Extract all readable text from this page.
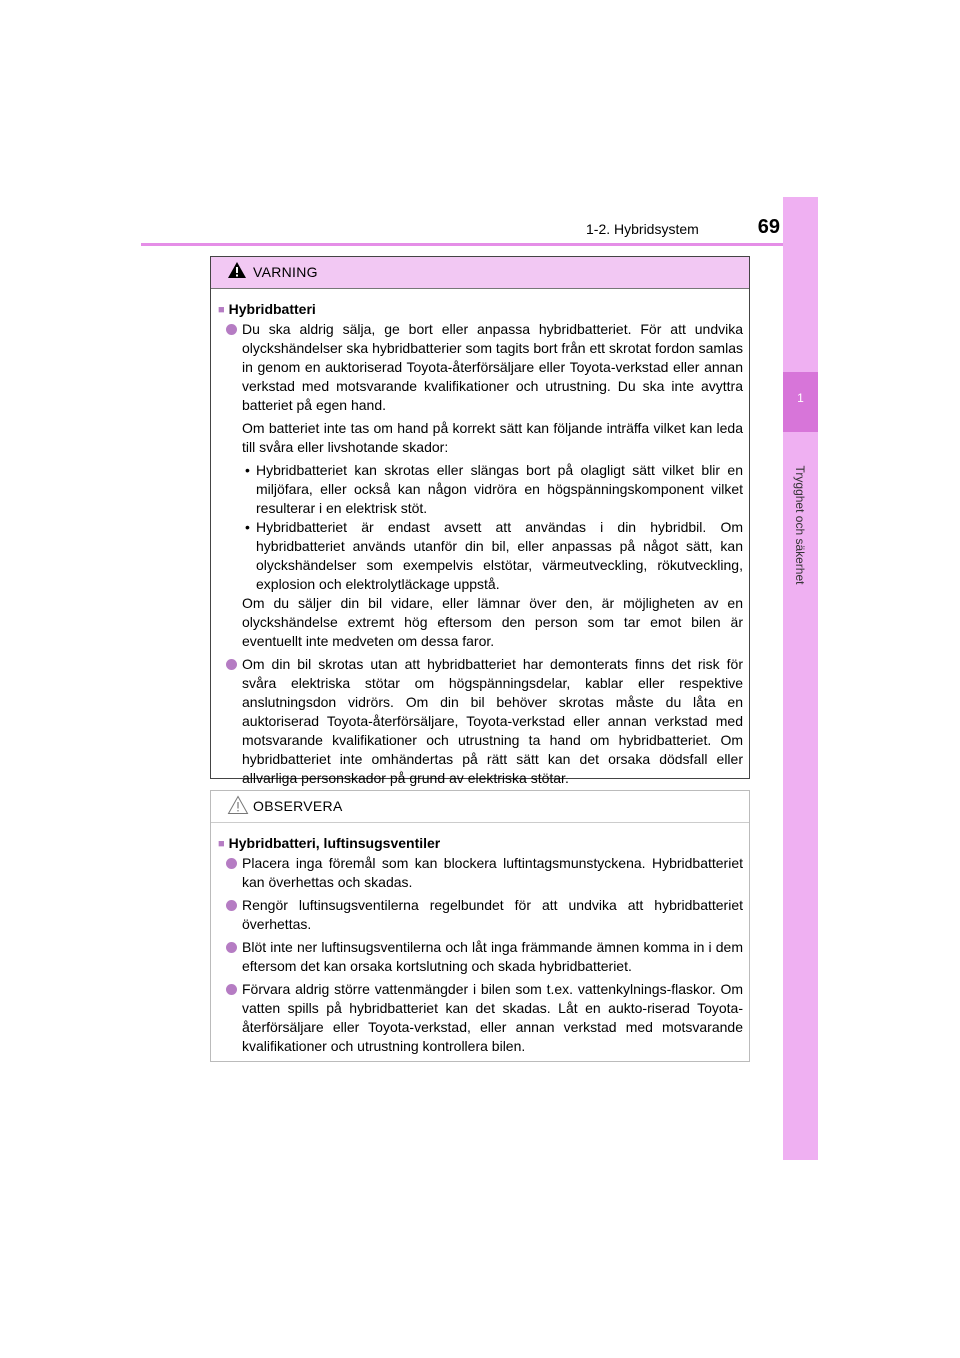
1-2. Hybridsystem	69
1
Trygghet och säkerhet
VARNING
■ Hybridbatteri

Du ska aldrig sälja, ge bort eller anpassa hybridbatteriet. För att undvika olyckshändelser ska hybridbatterier som tagits bort från ett skrotat fordon samlas in genom en auktoriserad Toyota-återförsäljare eller Toyota-verkstad eller annan verkstad med motsvarande kvalifikationer och utrustning. Du ska inte avyttra batteriet på egen hand.

Om batteriet inte tas om hand på korrekt sätt kan följande inträffa vilket kan leda till svåra eller livshotande skador:

• Hybridbatteriet kan skrotas eller slängas bort på olagligt sätt vilket blir en miljöfara, eller också kan någon vidröra en högspänningskomponent vilket resulterar i en elektrisk stöt.

• Hybridbatteriet är endast avsett att användas i din hybridbil. Om hybridbatteriet används utanför din bil, eller anpassas på något sätt, kan olyckshändelser som exempelvis elstötar, värmeutveckling, rökutveckling, explosion och elektrolytläckage uppstå.

Om du säljer din bil vidare, eller lämnar över den, är möjligheten av en olyckshändelse extremt hög eftersom den person som tar emot bilen är eventuellt inte medveten om dessa faror.

Om din bil skrotas utan att hybridbatteriet har demonterats finns det risk för svåra elektriska stötar om högspänningsdelar, kablar eller respektive anslutningsdon vidrörs. Om din bil behöver skrotas måste du låta en auktoriserad Toyota-återförsäljare, Toyota-verkstad eller annan verkstad med motsvarande kvalifikationer och utrustning ta hand om hybridbatteriet. Om hybridbatteriet inte omhändertas på rätt sätt kan det orsaka dödsfall eller allvarliga personskador på grund av elektriska stötar.

OBSERVERA
■ Hybridbatteri, luftinsugsventiler

Placera inga föremål som kan blockera luftintagsmunstyckena. Hybridbatteriet kan överhettas och skadas.

Rengör luftinsugsventilerna regelbundet för att undvika att hybridbatteriet överhettas.

Blöt inte ner luftinsugsventilerna och låt inga främmande ämnen komma in i dem eftersom det kan orsaka kortslutning och skada hybridbatteriet.

Förvara aldrig större vattenmängder i bilen som t.ex. vattenkylnings-flaskor. Om vatten spills på hybridbatteriet kan det skadas. Låt en aukto-riserad Toyota-återförsäljare eller Toyota-verkstad, eller annan verkstad med motsvarande kvalifikationer och utrustning kontrollera bilen.
